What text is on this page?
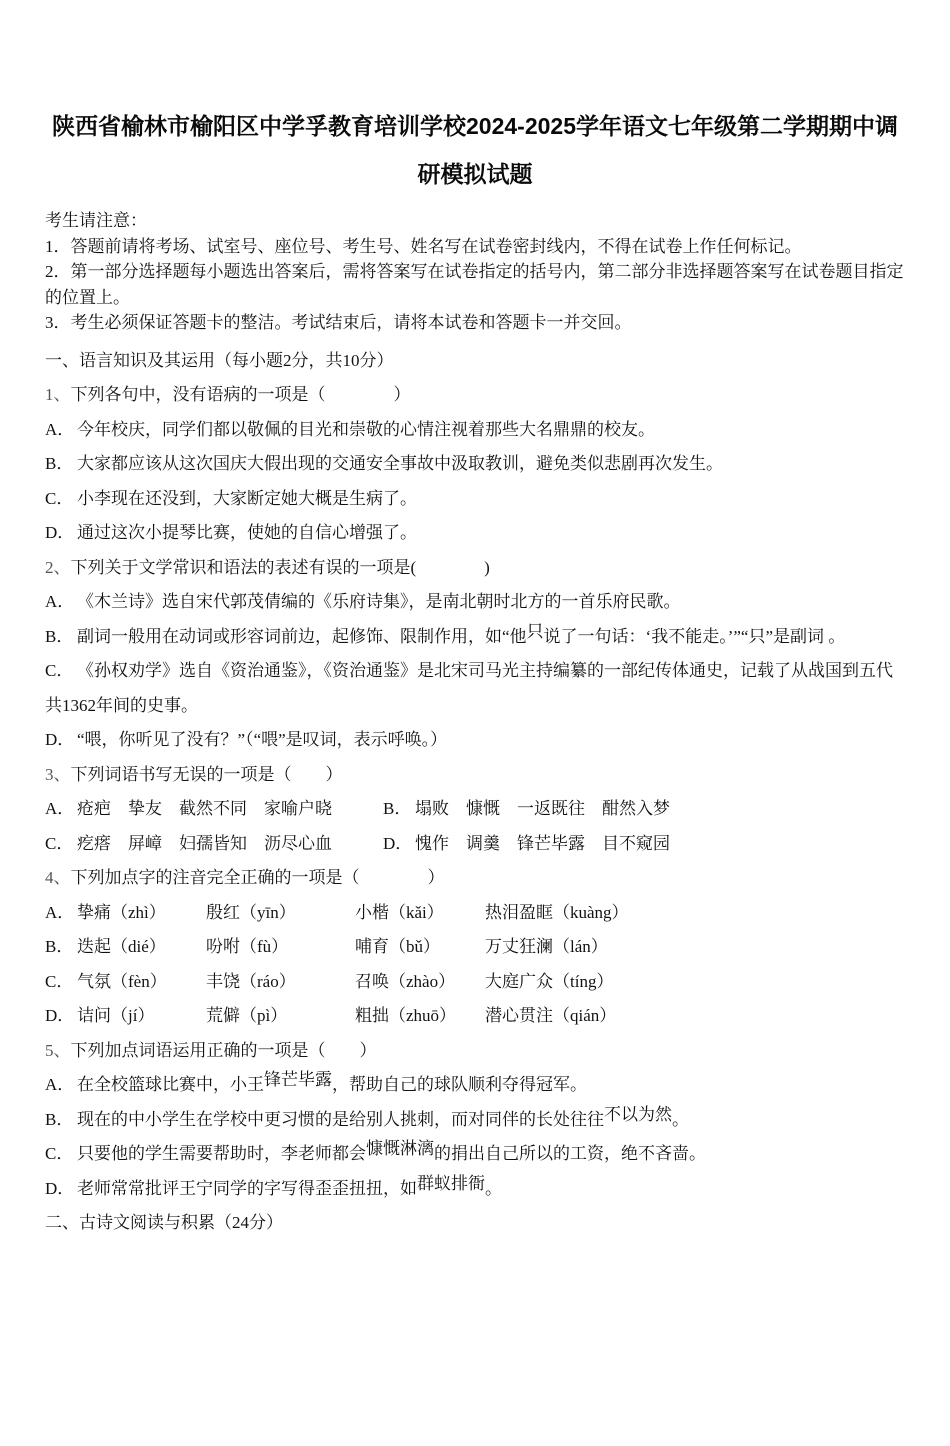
陕西省榆林市榆阳区中学孚教育培训学校2024-2025学年语文七年级第二学期期中调研模拟试题

考生请注意：

1．答题前请将考场、试室号、座位号、考生号、姓名写在试卷密封线内，不得在试卷上作任何标记。

2．第一部分选择题每小题选出答案后，需将答案写在试卷指定的括号内，第二部分非选择题答案写在试卷题目指定的位置上。

3．考生必须保证答题卡的整洁。考试结束后，请将本试卷和答题卡一并交回。

一、语言知识及其运用（每小题2分，共10分）

1、下列各句中，没有语病的一项是（　　　　）

A． 今年校庆，同学们都以敬佩的目光和崇敬的心情注视着那些大名鼎鼎的校友。

B． 大家都应该从这次国庆大假出现的交通安全事故中汲取教训，避免类似悲剧再次发生。

C． 小李现在还没到，大家断定她大概是生病了。

D． 通过这次小提琴比赛，使她的自信心增强了。

2、下列关于文学常识和语法的表述有误的一项是(　　　　)

A． 《木兰诗》选自宋代郭茂倩编的《乐府诗集》，是南北朝时北方的一首乐府民歌。

B． 副词一般用在动词或形容词前边，起修饰、限制作用，如“他只说了一句话：‘我不能走。’”“只”是副词 。

C． 《孙权劝学》选自《资治通鉴》，《资治通鉴》是北宋司马光主持编纂的一部纪传体通史，记载了从战国到五代共1362年间的史事。

D． “喂，你听见了没有？”（“喂”是叹词，表示呼唤。）

3、下列词语书写无误的一项是（　　）

A． 疮疤　挚友　截然不同　家喻户晓	B． 塌败　慷慨　一返既往　酣然入梦

C． 疙瘩　屏嶂　妇孺皆知　沥尽心血	D． 愧作　调羹　锋芒毕露　目不窥园

4、下列加点字的注音完全正确的一项是（　　　　）

A． 挚痛（zhì）	殷红（yīn）	小楷（kǎi）	热泪盈眶（kuàng）

B． 迭起（dié）	吩咐（fù）	哺育（bǔ）	万丈狂澜（lán）

C． 气氛（fèn）	丰饶（ráo）	召唤（zhào）	大庭广众（tíng）

D． 诘问（jí）	荒僻（pì）	粗拙（zhuō）	潜心贯注（qián）

5、下列加点词语运用正确的一项是（　　）

A． 在全校篮球比赛中，小王锋芒毕露，帮助自己的球队顺利夺得冠军。

B． 现在的中小学生在学校中更习惯的是给别人挑刺，而对同伴的长处往往不以为然。

C． 只要他的学生需要帮助时，李老师都会慷慨淋漓的捐出自己所以的工资，绝不吝啬。

D． 老师常常批评王宁同学的字写得歪歪扭扭，如群蚁排衙。

二、古诗文阅读与积累（24分）
